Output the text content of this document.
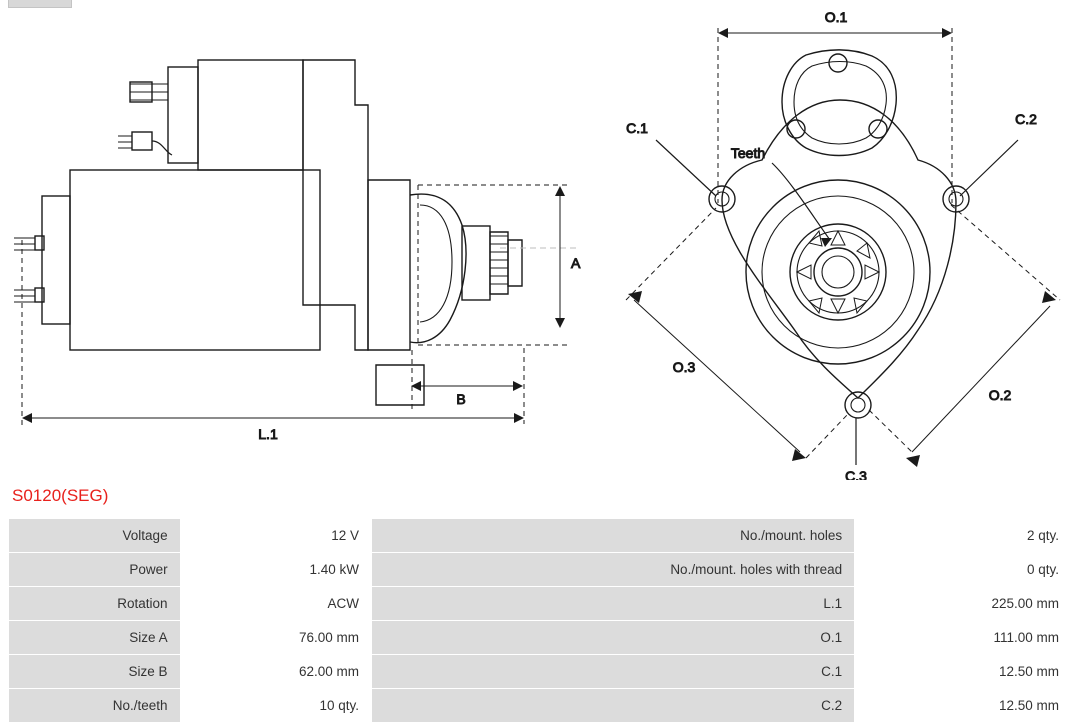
A
B
L.1
O.1
O.2
O.3
C.1
C.2
C.3
Teeth
S0120(SEG)
Voltage	12 V	No./mount. holes	2 qty.
Power	1.40 kW	No./mount. holes with thread	0 qty.
Rotation	ACW	L.1	225.00 mm
Size A	76.00 mm	O.1	111.00 mm
Size B	62.00 mm	C.1	12.50 mm
No./teeth	10 qty.	C.2	12.50 mm
